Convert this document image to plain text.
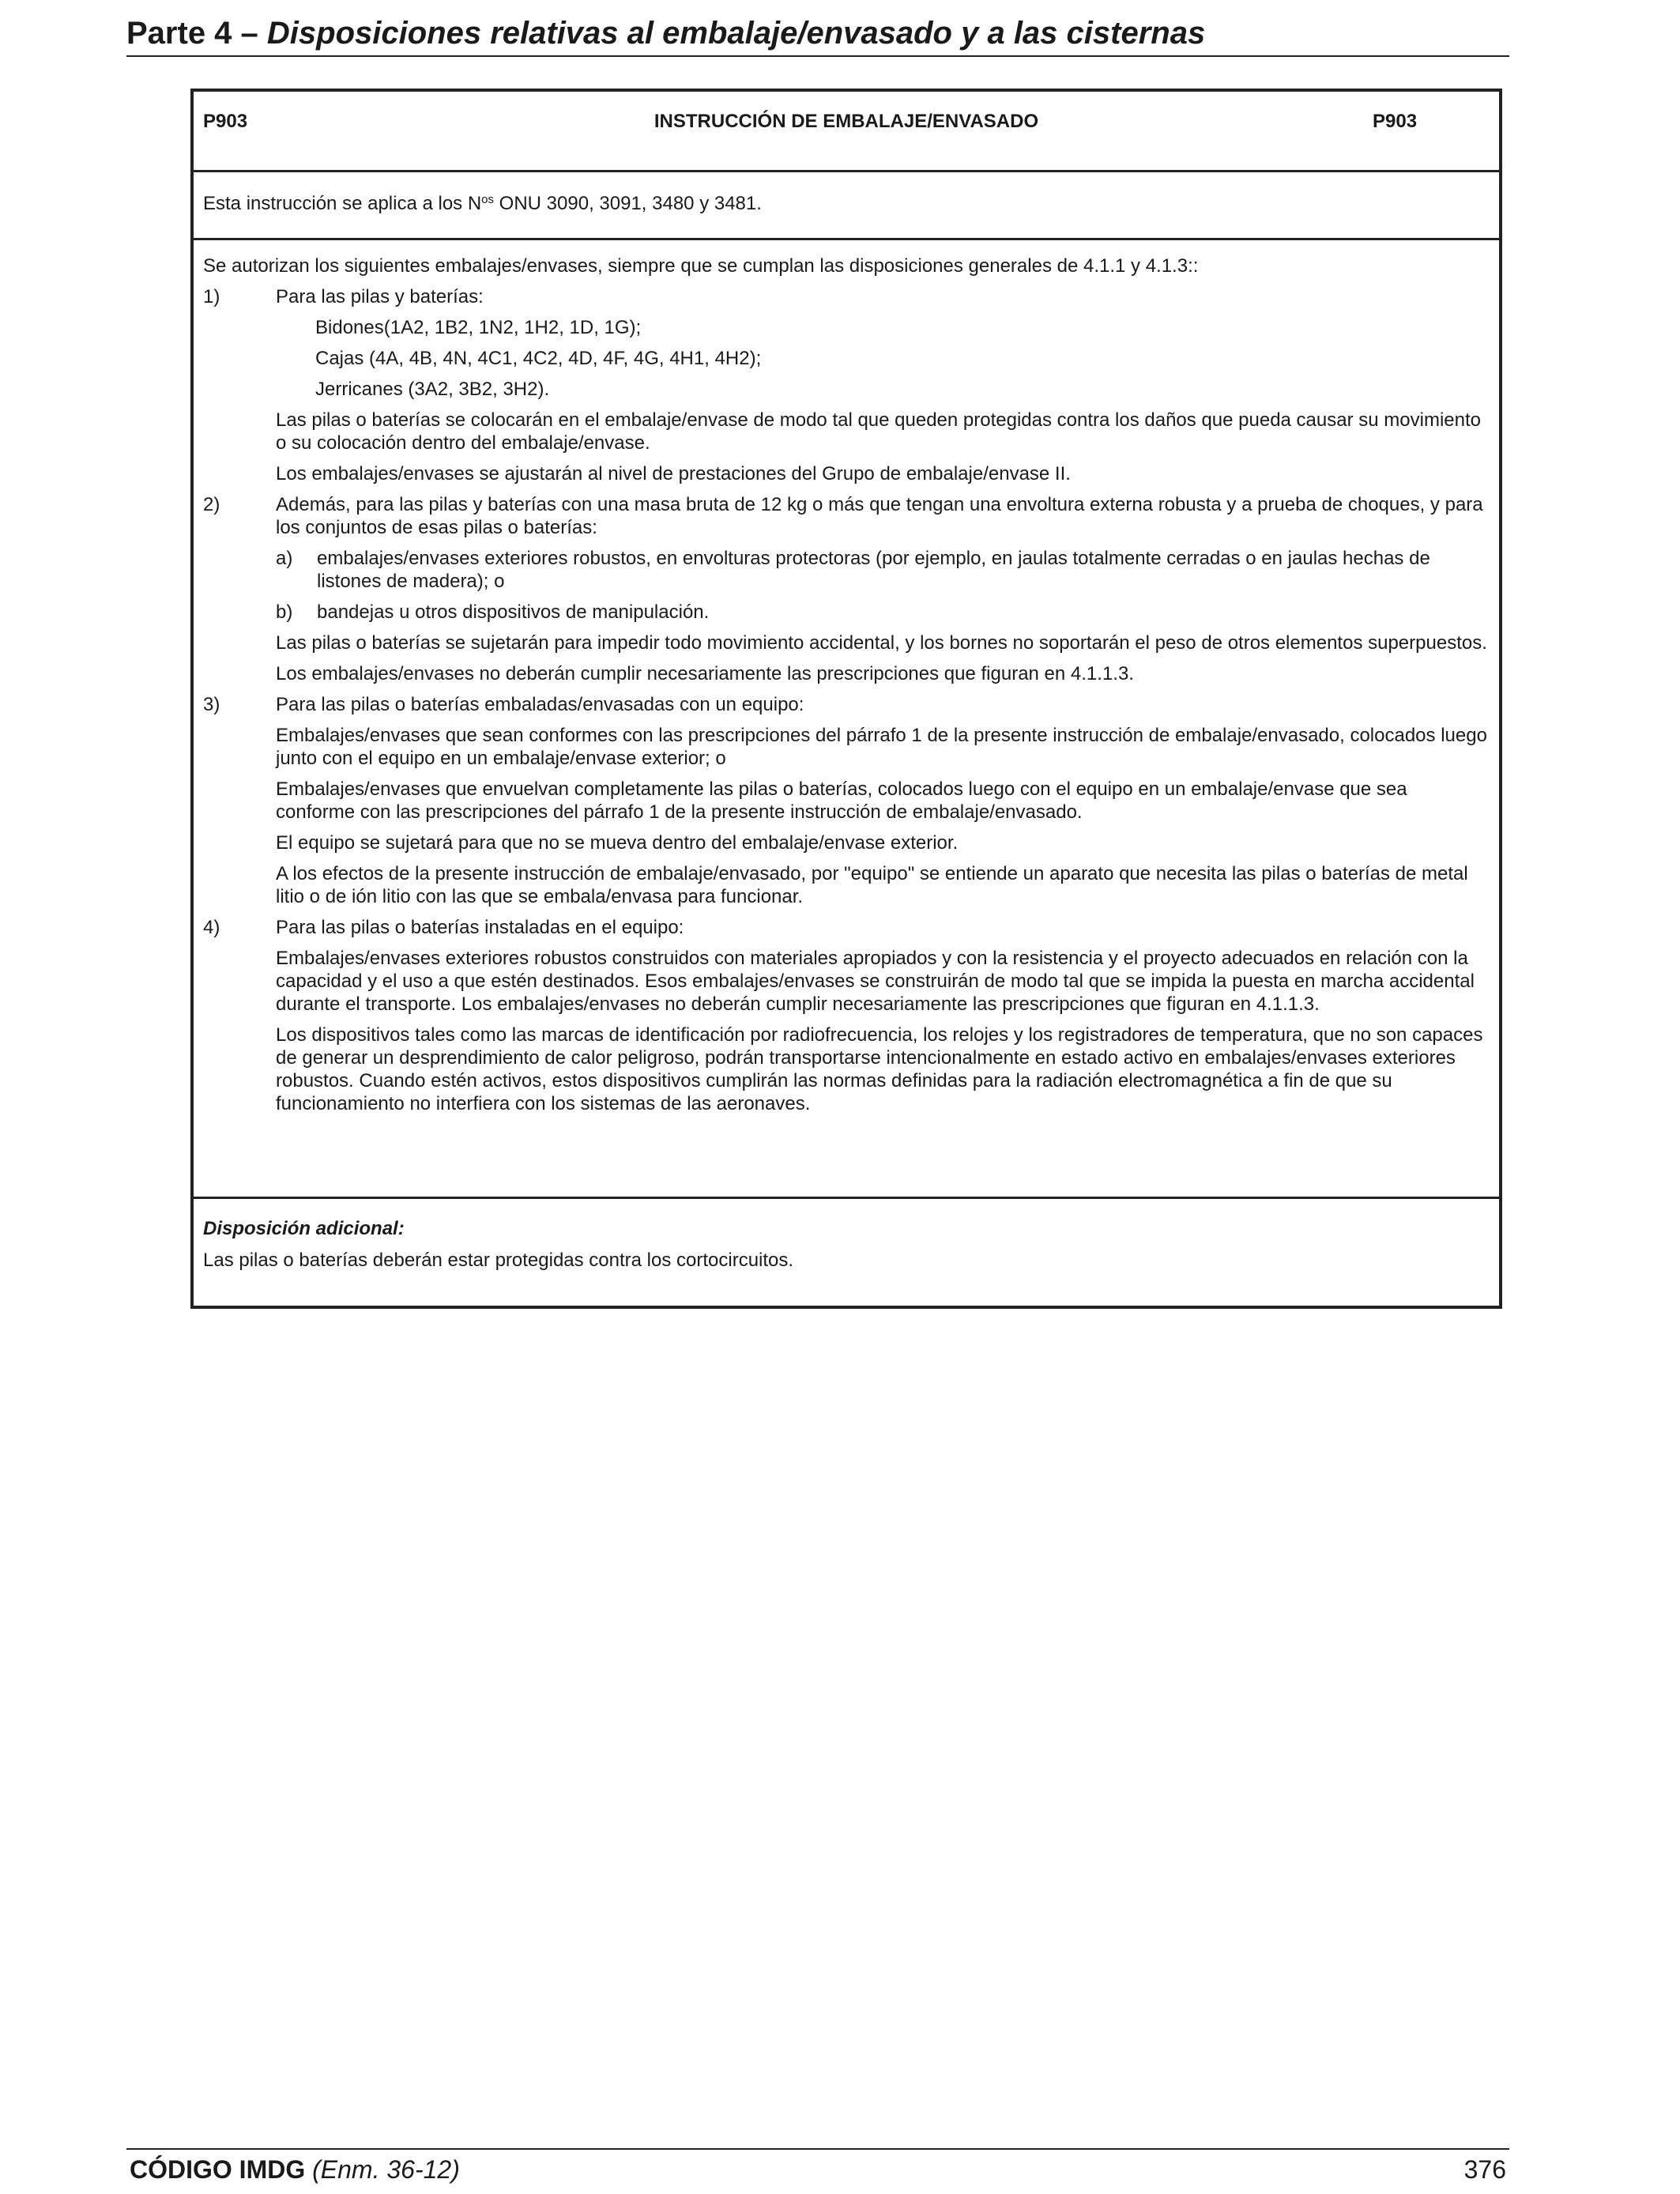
Parte 4 – Disposiciones relativas al embalaje/envasado y a las cisternas
P903	INSTRUCCIÓN DE EMBALAJE/ENVASADO	P903
Esta instrucción se aplica a los $N^{os}$ ONU 3090, 3091, 3480 y 3481.
Se autorizan los siguientes embalajes/envases, siempre que se cumplan las disposiciones generales de 4.1.1 y 4.1.3::
1)	Para las pilas y baterías:
Bidones(1A2, 1B2, 1N2, 1H2, 1D, 1G);
Cajas (4A, 4B, 4N, 4C1, 4C2, 4D, 4F, 4G, 4H1, 4H2);
Jerricanes (3A2, 3B2, 3H2).
Las pilas o baterías se colocarán en el embalaje/envase de modo tal que queden protegidas contra los daños que pueda causar su movimiento o su colocación dentro del embalaje/envase.
Los embalajes/envases se ajustarán al nivel de prestaciones del Grupo de embalaje/envase II.
2)	Además, para las pilas y baterías con una masa bruta de 12 kg o más que tengan una envoltura externa robusta y a prueba de choques, y para los conjuntos de esas pilas o baterías:
a) embalajes/envases exteriores robustos, en envolturas protectoras (por ejemplo, en jaulas totalmente cerradas o en jaulas hechas de listones de madera); o
b) bandejas u otros dispositivos de manipulación.
Las pilas o baterías se sujetarán para impedir todo movimiento accidental, y los bornes no soportarán el peso de otros elementos superpuestos.
Los embalajes/envases no deberán cumplir necesariamente las prescripciones que figuran en 4.1.1.3.
3)	Para las pilas o baterías embaladas/envasadas con un equipo:
Embalajes/envases que sean conformes con las prescripciones del párrafo 1 de la presente instrucción de embalaje/envasado, colocados luego junto con el equipo en un embalaje/envase exterior; o
Embalajes/envases que envuelvan completamente las pilas o baterías, colocados luego con el equipo en un embalaje/envase que sea conforme con las prescripciones del párrafo 1 de la presente instrucción de embalaje/envasado.
El equipo se sujetará para que no se mueva dentro del embalaje/envase exterior.
A los efectos de la presente instrucción de embalaje/envasado, por "equipo" se entiende un aparato que necesita las pilas o baterías de metal litio o de ión litio con las que se embala/envasa para funcionar.
4)	Para las pilas o baterías instaladas en el equipo:
Embalajes/envases exteriores robustos construidos con materiales apropiados y con la resistencia y el proyecto adecuados en relación con la capacidad y el uso a que estén destinados. Esos embalajes/envases se construirán de modo tal que se impida la puesta en marcha accidental durante el transporte. Los embalajes/envases no deberán cumplir necesariamente las prescripciones que figuran en 4.1.1.3.
Los dispositivos tales como las marcas de identificación por radiofrecuencia, los relojes y los registradores de temperatura, que no son capaces de generar un desprendimiento de calor peligroso, podrán transportarse intencionalmente en estado activo en embalajes/envases exteriores robustos. Cuando estén activos, estos dispositivos cumplirán las normas definidas para la radiación electromagnética a fin de que su funcionamiento no interfiera con los sistemas de las aeronaves.
Disposición adicional:
Las pilas o baterías deberán estar protegidas contra los cortocircuitos.
CÓDIGO IMDG (Enm. 36-12)	376
